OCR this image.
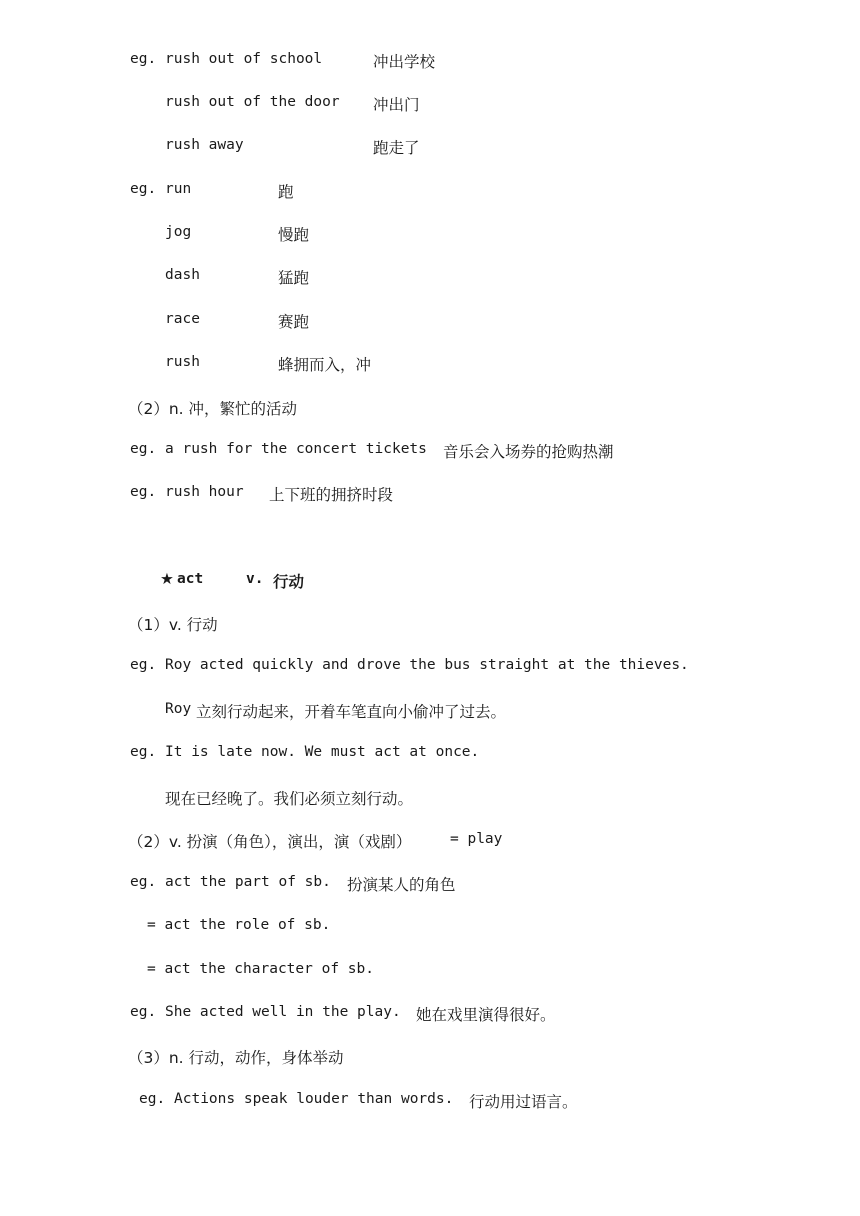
eg. rush out of school	冲出学校
rush out of the door 冲出门
rush away	跑走了
eg. run	跑
jog	慢跑
dash	猛跑
race	赛跑
rush	蜂拥而入，冲
（2）n. 冲，繁忙的活动
eg. a rush for the concert tickets 音乐会入场券的抢购热潮
eg. rush hour 上下班的拥挤时段
★ act	v. 行动
（1）v. 行动
eg. Roy acted quickly and drove the bus straight at the thieves.
Roy 立刻行动起来，开着车笔直向小偷冲了过去。
eg. It is late now. We must act at once.
现在已经晚了。我们必须立刻行动。
（2）v. 扮演（角色），演出，演（戏剧）	= play
eg. act the part of sb. 扮演某人的角色
= act the role of sb.
= act the character of sb.
eg. She acted well in the play. 她在戏里演得很好。
（3）n. 行动，动作，身体举动
eg. Actions speak louder than words. 行动用过语言。
